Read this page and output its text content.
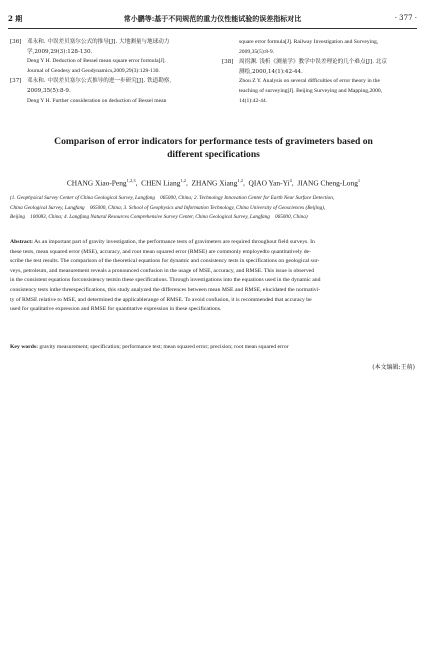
2 期	常小鹏等:基于不同规范的重力仪性能试验的误差指标对比	· 377 ·
[36] 邓永和. 中误差贝塞尔公式的推导[J]. 大地测量与地球动力
学,2009,29(3):128-130.
Deng Y H. Deduction of Bessel mean square error formula[J].
Journal of Geodesy and Geodynamics,2009,29(3):128-130.
[37] 邓永和. 中误差贝塞尔公式推导的进一步研究[J]. 铁道勘察,
2009,35(5):8-9.
Deng Y H. Further consideration on deduction of Bessel mean
square error formula[J]. Railway Investigation and Surveying,
2009,35(5):8-9.
[38] 周拐渊. 浅析《测量学》教学中误差理论的几个难点[J]. 北京
测绘,2000,14(1):42-44.
Zhou Z Y. Analysis on several difficulties of error theory in the
teaching of surveying[J]. Beijing Surveying and Mapping,2000,
14(1):42-44.
Comparison of error indicators for performance tests of gravimeters based on
different specifications
CHANG Xiao-Peng$^{1,2,3}$,  CHEN Liang$^{1,2}$,  ZHANG Xiang$^{1,2}$,  QIAO Yan-Yi$^4$,  JIANG Cheng-Long$^1$
(1. Geophysical Survey Center of China Geological Survey, Langfang　065000, China; 2. Technology Innovation Center for Earth Near Surface Detection,
China Geological Survey, Langfang　065000, China; 3. School of Geophysics and Information Technology, China University of Geosciences (Beijing),
Beijing　100083, China; 4. Langfang Natural Resources Comprehensive Survey Center, China Geological Survey, Langfang　065000, China)
Abstract: As an important part of gravity investigation, the performance tests of gravimeters are required throughout field surveys. In
these tests, mean squared error (MSE), accuracy, and root mean squared error (RMSE) are commonly employedto quantitatively de-
scribe the test results. The comparison of the theoretical equations for dynamic and consistency tests in specifications on geological sur-
veys, petroleum, and measurement reveals a pronounced confusion in the usage of MSE, accuracy, and RMSE. This issue is observed
in the consistent equations forconsistency testsin these specifications. Through investigations into the equations used in the dynamic and
consistency tests inthe threespecifications, this study analyzed the differences between mean MSE and RMSE, elucidated the normativi-
ty of RMSE relative to MSE, and determined the applicablerange of RMSE. To avoid confusion, it is recommended that accuracy be
used for qualitative expression and RMSE for quantitative expression in these specifications.
Key words: gravity measurement; specification; performance test; mean squared error; precision; root mean squared error
(本文编辑:王萌)
